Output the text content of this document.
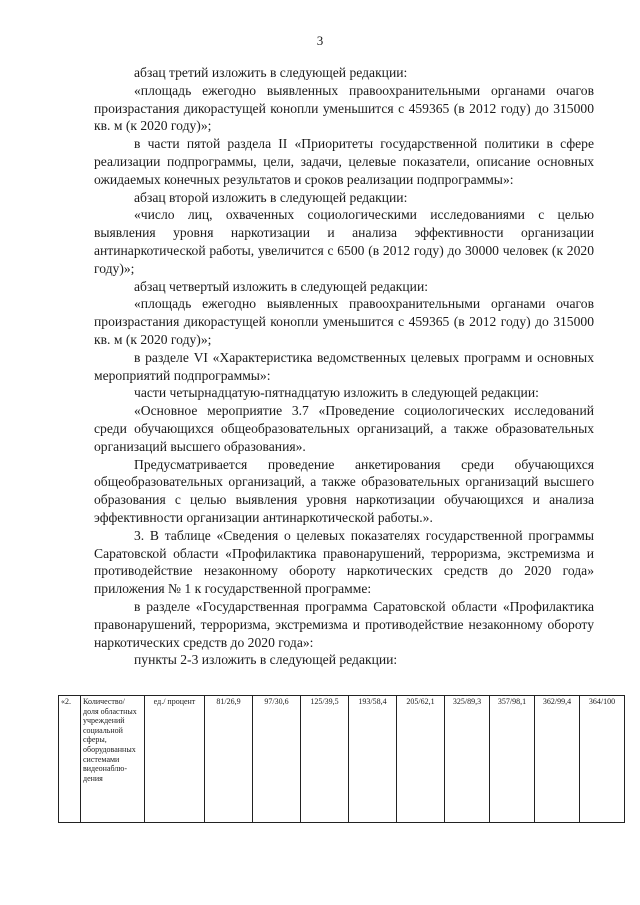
3

абзац третий изложить в следующей редакции:

«площадь ежегодно выявленных правоохранительными органами очагов произрастания дикорастущей конопли уменьшится с 459365 (в 2012 году) до 315000 кв. м (к 2020 году)»;

в части пятой раздела II «Приоритеты государственной политики в сфере реализации подпрограммы, цели, задачи, целевые показатели, описание основных ожидаемых конечных результатов и сроков реализации подпрограммы»:

абзац второй изложить в следующей редакции:

«число лиц, охваченных социологическими исследованиями с целью выявления уровня наркотизации и анализа эффективности организации антинаркотической работы, увеличится с 6500 (в 2012 году) до 30000 человек (к 2020 году)»;

абзац четвертый изложить в следующей редакции:

«площадь ежегодно выявленных правоохранительными органами очагов произрастания дикорастущей конопли уменьшится с 459365 (в 2012 году) до 315000 кв. м (к 2020 году)»;

в разделе VI «Характеристика ведомственных целевых программ и основных мероприятий подпрограммы»:

части четырнадцатую-пятнадцатую изложить в следующей редакции:

«Основное мероприятие 3.7 «Проведение социологических исследований среди обучающихся общеобразовательных организаций, а также образовательных организаций высшего образования».

Предусматривается проведение анкетирования среди обучающихся общеобразовательных организаций, а также образовательных организаций высшего образования с целью выявления уровня наркотизации обучающихся и анализа эффективности организации антинаркотической работы.».

3. В таблице «Сведения о целевых показателях государственной программы Саратовской области «Профилактика правонарушений, терроризма, экстремизма и противодействие незаконному обороту наркотических средств до 2020 года» приложения № 1 к государственной программе:

в разделе «Государственная программа Саратовской области «Профилактика правонарушений, терроризма, экстремизма и противодействие незаконному обороту наркотических средств до 2020 года»:

пункты 2-3 изложить в следующей редакции:

«2.	Количество/ доля областных учреждений социальной сферы, оборудованных системами видеонаблю- дения	ед./ процент	81/26,9	97/30,6	125/39,5	193/58,4	205/62,1	325/89,3	357/98,1	362/99,4	364/100
